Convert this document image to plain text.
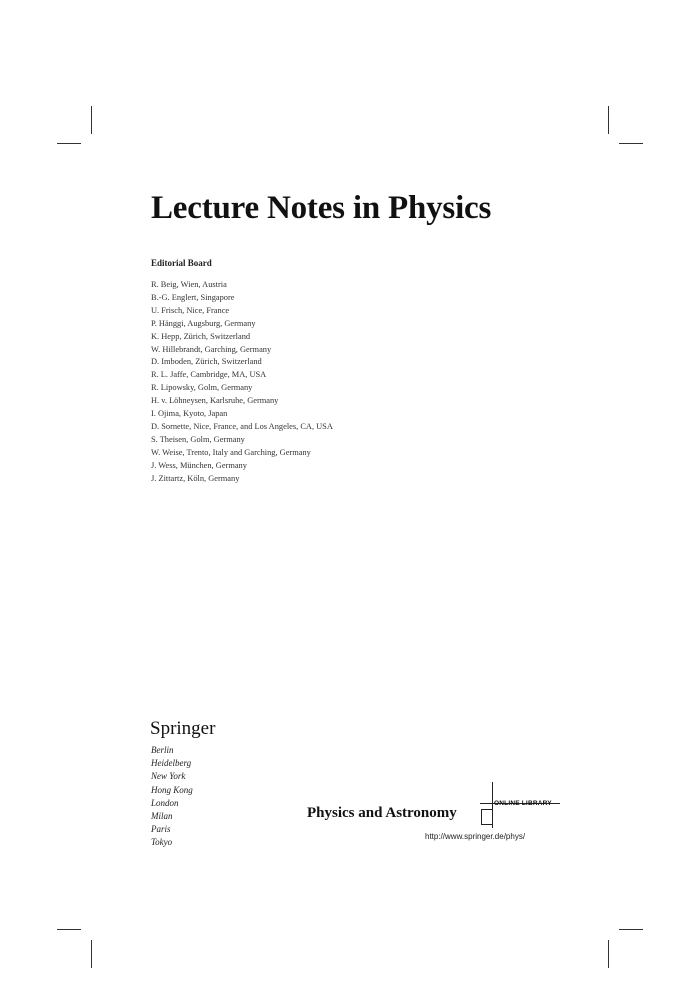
Lecture Notes in Physics
Editorial Board
R. Beig, Wien, Austria
B.-G. Englert, Singapore
U. Frisch, Nice, France
P. Hänggi, Augsburg, Germany
K. Hepp, Zürich, Switzerland
W. Hillebrandt, Garching, Germany
D. Imboden, Zürich, Switzerland
R. L. Jaffe, Cambridge, MA, USA
R. Lipowsky, Golm, Germany
H. v. Löhneysen, Karlsruhe, Germany
I. Ojima, Kyoto, Japan
D. Sornette, Nice, France, and Los Angeles, CA, USA
S. Theisen, Golm, Germany
W. Weise, Trento, Italy and Garching, Germany
J. Wess, München, Germany
J. Zittartz, Köln, Germany
Springer
Berlin
Heidelberg
New York
Hong Kong
London
Milan
Paris
Tokyo
Physics and Astronomy
ONLINE LIBRARY
http://www.springer.de/phys/
